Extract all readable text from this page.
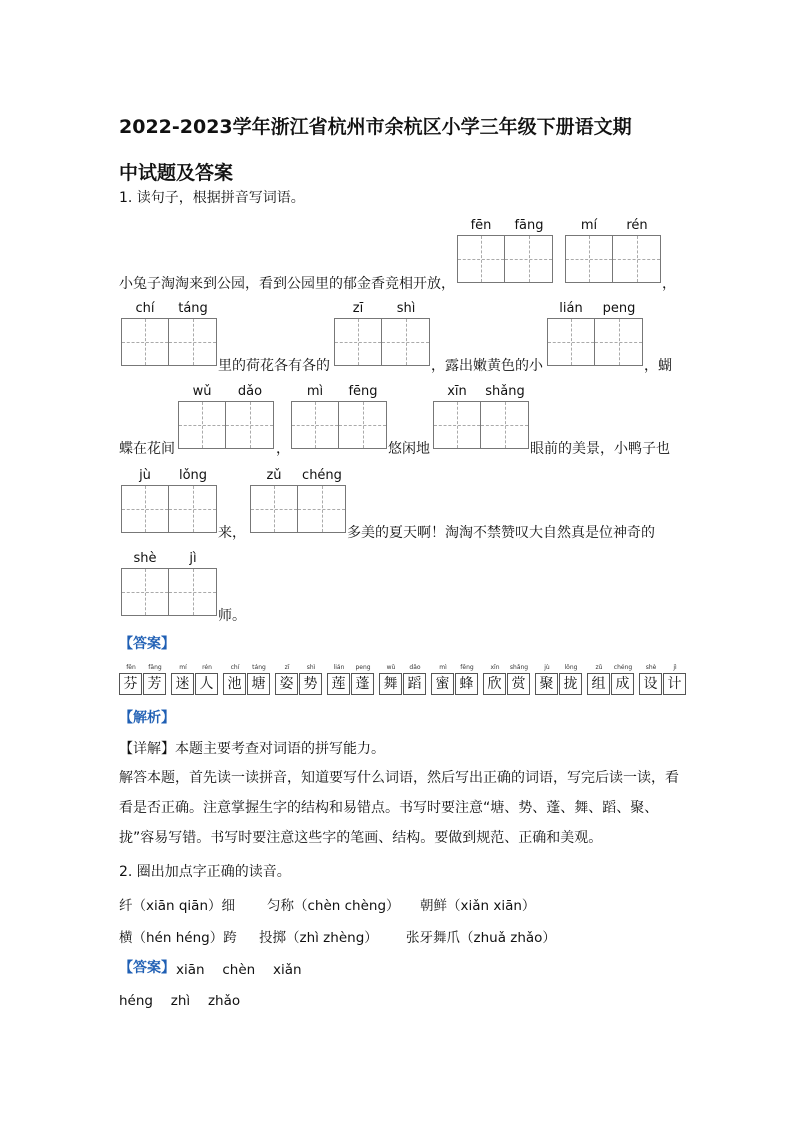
2022-2023学年浙江省杭州市余杭区小学三年级下册语文期
中试题及答案
1. 读句子，根据拼音写词语。
fēn	fāng	mí	rén
小兔子淘淘来到公园，看到公园里的郁金香竞相开放，	，
chí	táng
里的荷花各有各的
zī	shì
，露出嫩黄色的小
lián	peng
，蝴
蝶在花间
wǔ	dǎo
，
mì	fēng
悠闲地
xīn	shǎng
眼前的美景，小鸭子也
jù	lǒng
来，
zǔ	chéng
多美的夏天啊！淘淘不禁赞叹大自然真是位神奇的
shè	jì
师。
【答案】
fēn
芬
fāng
芳
mí
迷
rén
人
chí
池
táng
塘
zī
姿
shì
势
lián
莲
peng
蓬
wǔ
舞
dǎo
蹈
mì
蜜
fēng
蜂
xīn
欣
shǎng
赏
jù
聚
lǒng
拢
zǔ
组
chéng
成
shè
设
jì
计
【解析】
【详解】本题主要考查对词语的拼写能力。
解答本题，首先读一读拼音，知道要写什么词语，然后写出正确的词语，写完后读一读，看看是否正确。注意掌握生字的结构和易错点。书写时要注意“塘、势、蓬、舞、蹈、聚、拢”容易写错。书写时要注意这些字的笔画、结构。要做到规范、正确和美观。
2. 圈出加点字正确的读音。
纤（xiān qiān）细 匀称（chèn chèng） 朝鲜（xiǎn xiān）
横（hén héng）跨 投掷（zhì zhèng） 张牙舞爪（zhuǎ zhǎo）
【答案】 xiān　 chèn　 xiǎn
héng　 zhì　 zhǎo
